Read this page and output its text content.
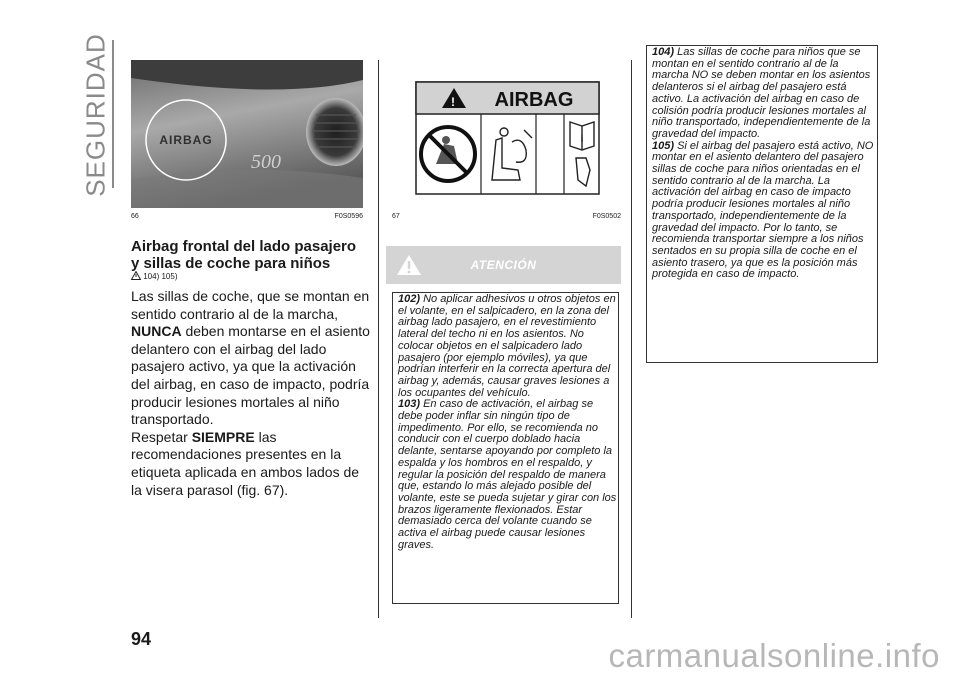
SEGURIDAD	500
AIRBAG
66	F0S0596
! AIRBAG
i
67	F0S0502
Airbag frontal del lado pasajero y sillas de coche para niños
104) 105)
Las sillas de coche, que se montan en sentido contrario al de la marcha, NUNCA deben montarse en el asiento delantero con el airbag del lado pasajero activo, ya que la activación del airbag, en caso de impacto, podría producir lesiones mortales al niño transportado.
Respetar SIEMPRE las recomendaciones presentes en la etiqueta aplicada en ambos lados de la visera parasol (fig. 67).
ATENCIÓN

102) No aplicar adhesivos u otros objetos en el volante, en el salpicadero, en la zona del airbag lado pasajero, en el revestimiento lateral del techo ni en los asientos. No colocar objetos en el salpicadero lado pasajero (por ejemplo móviles), ya que podrían interferir en la correcta apertura del airbag y, además, causar graves lesiones a los ocupantes del vehículo.

103) En caso de activación, el airbag se debe poder inflar sin ningún tipo de impedimento. Por ello, se recomienda no conducir con el cuerpo doblado hacia delante, sentarse apoyando por completo la espalda y los hombros en el respaldo, y regular la posición del respaldo de manera que, estando lo más alejado posible del volante, este se pueda sujetar y girar con los brazos ligeramente flexionados. Estar demasiado cerca del volante cuando se activa el airbag puede causar lesiones graves.

104) Las sillas de coche para niños que se montan en el sentido contrario al de la marcha NO se deben montar en los asientos delanteros si el airbag del pasajero está activo. La activación del airbag en caso de colisión podría producir lesiones mortales al niño transportado, independientemente de la gravedad del impacto.

105) Si el airbag del pasajero está activo, NO montar en el asiento delantero del pasajero sillas de coche para niños orientadas en el sentido contrario al de la marcha. La activación del airbag en caso de impacto podría producir lesiones mortales al niño transportado, independientemente de la gravedad del impacto. Por lo tanto, se recomienda transportar siempre a los niños sentados en su propia silla de coche en el asiento trasero, ya que es la posición más protegida en caso de impacto.

94	carmanualsonline.info
